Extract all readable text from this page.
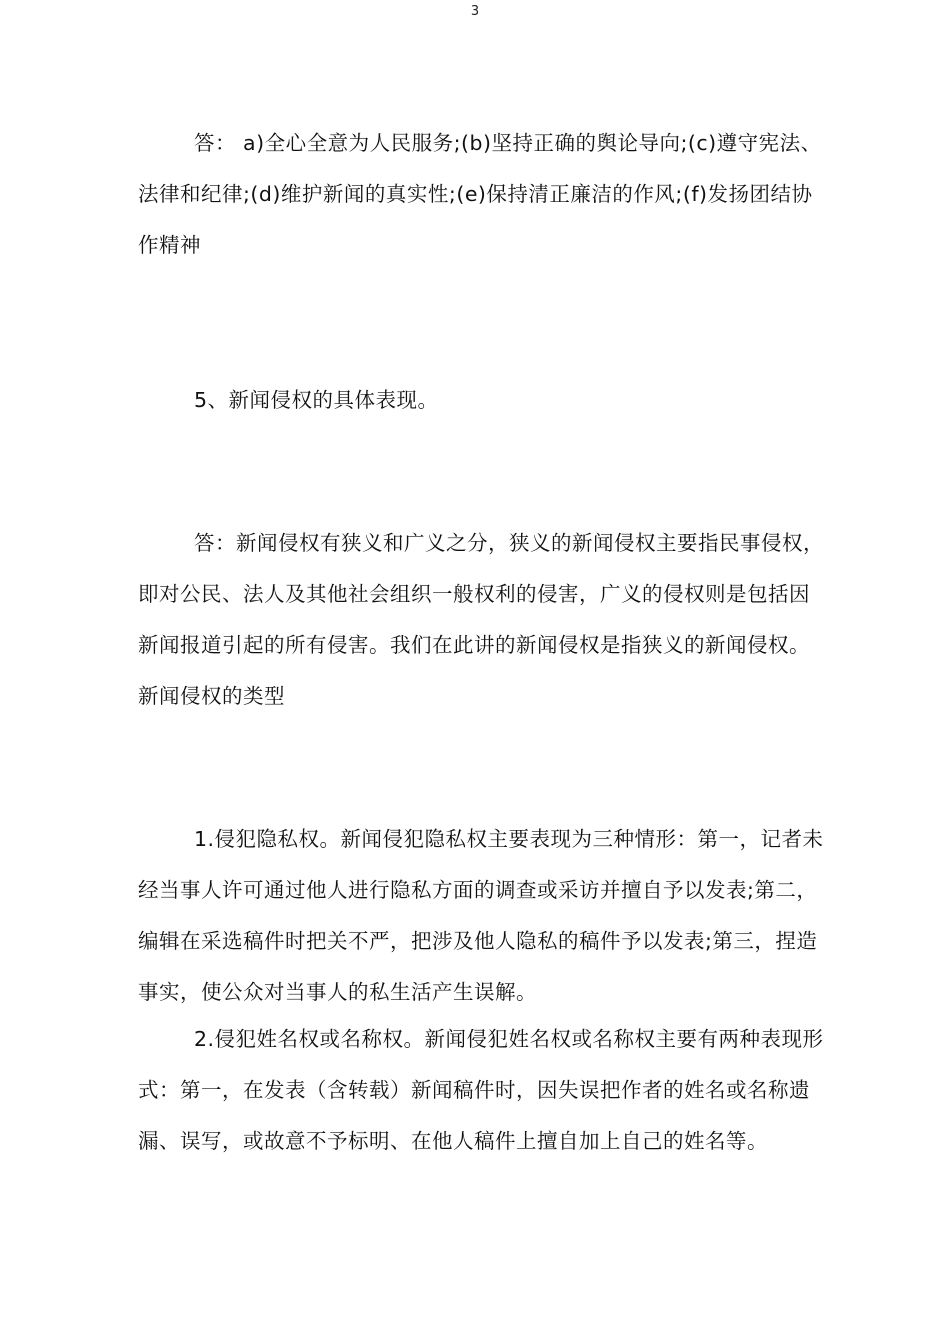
3

答： a)全心全意为人民服务;(b)坚持正确的舆论导向;(c)遵守宪法、法律和纪律;(d)维护新闻的真实性;(e)保持清正廉洁的作风;(f)发扬团结协作精神

5、新闻侵权的具体表现。

答：新闻侵权有狭义和广义之分，狭义的新闻侵权主要指民事侵权，即对公民、法人及其他社会组织一般权利的侵害，广义的侵权则是包括因新闻报道引起的所有侵害。我们在此讲的新闻侵权是指狭义的新闻侵权。新闻侵权的类型

1.侵犯隐私权。新闻侵犯隐私权主要表现为三种情形：第一，记者未经当事人许可通过他人进行隐私方面的调查或采访并擅自予以发表;第二，编辑在采选稿件时把关不严，把涉及他人隐私的稿件予以发表;第三，捏造事实，使公众对当事人的私生活产生误解。

2.侵犯姓名权或名称权。新闻侵犯姓名权或名称权主要有两种表现形式：第一，在发表（含转载）新闻稿件时，因失误把作者的姓名或名称遗漏、误写，或故意不予标明、在他人稿件上擅自加上自己的姓名等。
